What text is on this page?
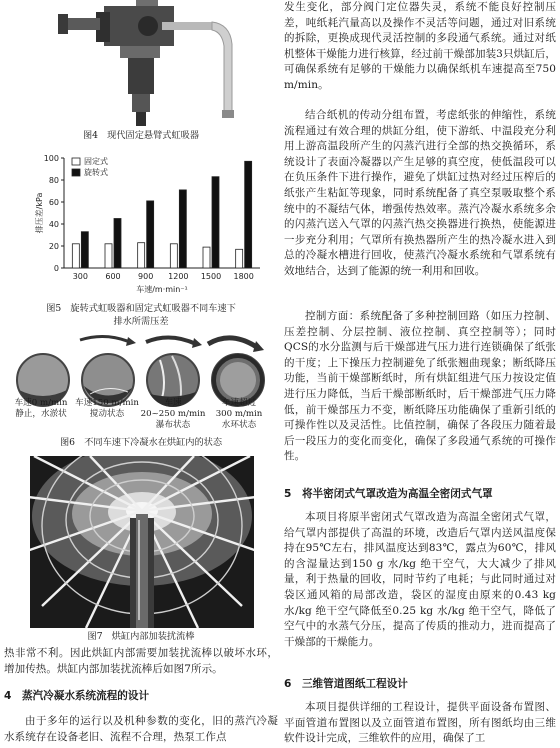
图4　现代固定悬臂式虹吸器

0
20
40
60
80
100
排压差/kPa
300 600 900 1200 1500 1800
车速/m·min⁻¹
固定式
旋转式

图5　旋转式虹吸器和固定式虹吸器不同车速下

排水所需压差

车速0 m/min
静止，水淤状
车速150 m/min
搅动状态
车速
20~250 m/min
瀑布状态
车速超过
300 m/min
水环状态

图6　不同车速下冷凝水在烘缸内的状态

图7　烘缸内部加装扰流棒

热非常不利。因此烘缸内部需要加装扰流棒以破坏水环，增加传热。烘缸内部加装扰流棒后如图7所示。

4　蒸汽冷凝水系统流程的设计

由于多年的运行以及机种参数的变化，旧的蒸汽冷凝水系统存在设备老旧、流程不合理，热泵工作点

发生变化，部分阀门定位器失灵，系统不能良好控制压差，吨纸耗汽量高以及操作不灵活等问题，通过对旧系统的拆除，更换成现代灵活控制的多段通气系统。通过对纸机整体干燥能力进行核算，经过前干燥部加装3只烘缸后，可确保系统有足够的干燥能力以确保纸机车速提高至750 m/min。

结合纸机的传动分组布置，考虑纸张的伸缩性，系统流程通过有效合理的烘缸分组，使下游纸、中温段充分利用上游高温段所产生的闪蒸汽进行全部的热交换循环，系统设计了表面冷凝器以产生足够的真空度，使低温段可以在负压条件下进行操作，避免了烘缸过热对经过压榨后的纸张产生粘缸等现象，同时系统配备了真空泵吸取整个系统中的不凝结气体，增强传热效率。蒸汽冷凝水系统多余的闪蒸汽送入气罩的闪蒸汽热交换器进行换热，使能源进一步充分利用；气罩所有换热器所产生的热冷凝水进入到总的冷凝水槽进行回收，使蒸汽冷凝水系统和气罩系统有效地结合，达到了能源的统一利用和回收。

控制方面：系统配备了多种控制回路（如压力控制、压差控制、分层控制、液位控制、真空控制等）；同时QCS的水分监测与后干燥部进气压力进行连锁确保了纸张的干度；上下操压力控制避免了纸张翘曲现象；断纸降压功能，当前干燥部断纸时，所有烘缸组进气压力按设定值进行压力降低，当后干燥部断纸时，后干燥部进气压力降低，前干燥部压力不变，断纸降压功能确保了重新引纸的可操作性以及灵活性。比值控制，确保了各段压力随着最后一段压力的变化而变化，确保了多段通气系统的可操作性。

5　将半密闭式气罩改造为高温全密闭式气罩

本项目将原半密闭式气罩改造为高温全密闭式气罩，给气罩内部提供了高温的环境，改造后气罩内送风温度保持在95℃左右，排风温度达到83℃，露点为60℃，排风的含湿量达到150 g 水/kg 绝干空气，大大减少了排风量，利于热量的回收，同时节约了电耗；与此同时通过对袋区通风箱的局部改造，袋区的湿度由原来的0.43 kg 水/kg 绝干空气降低至0.25 kg 水/kg 绝干空气，降低了空气中的水蒸气分压，提高了传质的推动力，进而提高了干燥部的干燥能力。

6　三维管道图纸工程设计

本项目提供详细的工程设计，提供平面设备布置图、平面管道布置图以及立面管道布置图，所有图纸均由三维软件设计完成，三维软件的应用，确保了工
